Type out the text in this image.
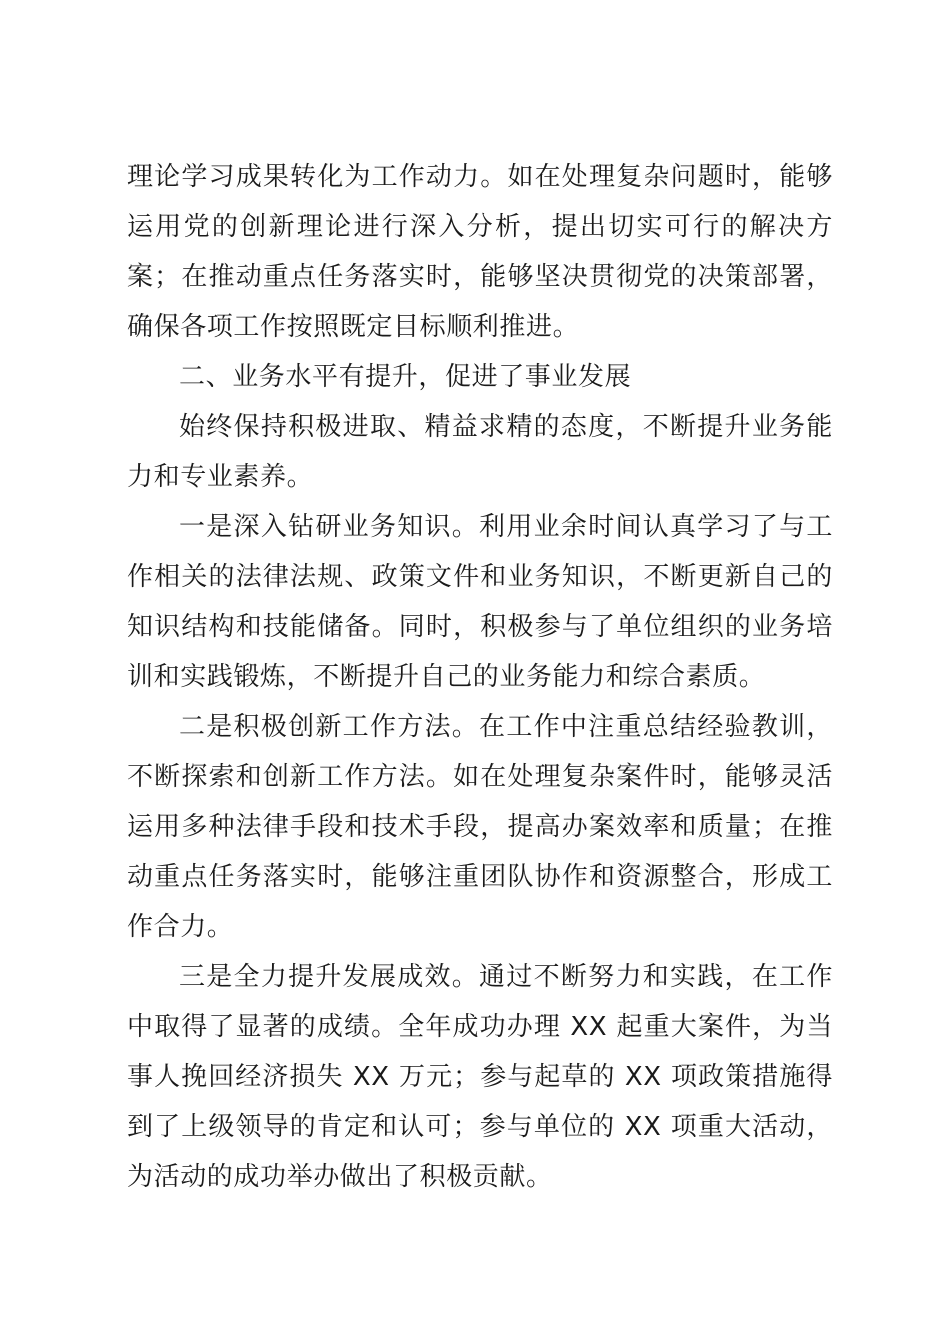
理论学习成果转化为工作动力。如在处理复杂问题时，能够运用党的创新理论进行深入分析，提出切实可行的解决方案；在推动重点任务落实时，能够坚决贯彻党的决策部署，确保各项工作按照既定目标顺利推进。

二、业务水平有提升，促进了事业发展

始终保持积极进取、精益求精的态度，不断提升业务能力和专业素养。

一是深入钻研业务知识。利用业余时间认真学习了与工作相关的法律法规、政策文件和业务知识，不断更新自己的知识结构和技能储备。同时，积极参与了单位组织的业务培训和实践锻炼，不断提升自己的业务能力和综合素质。

二是积极创新工作方法。在工作中注重总结经验教训，不断探索和创新工作方法。如在处理复杂案件时，能够灵活运用多种法律手段和技术手段，提高办案效率和质量；在推动重点任务落实时，能够注重团队协作和资源整合，形成工作合力。

三是全力提升发展成效。通过不断努力和实践，在工作中取得了显著的成绩。全年成功办理 XX 起重大案件，为当事人挽回经济损失 XX 万元；参与起草的 XX 项政策措施得到了上级领导的肯定和认可；参与单位的 XX 项重大活动，为活动的成功举办做出了积极贡献。
